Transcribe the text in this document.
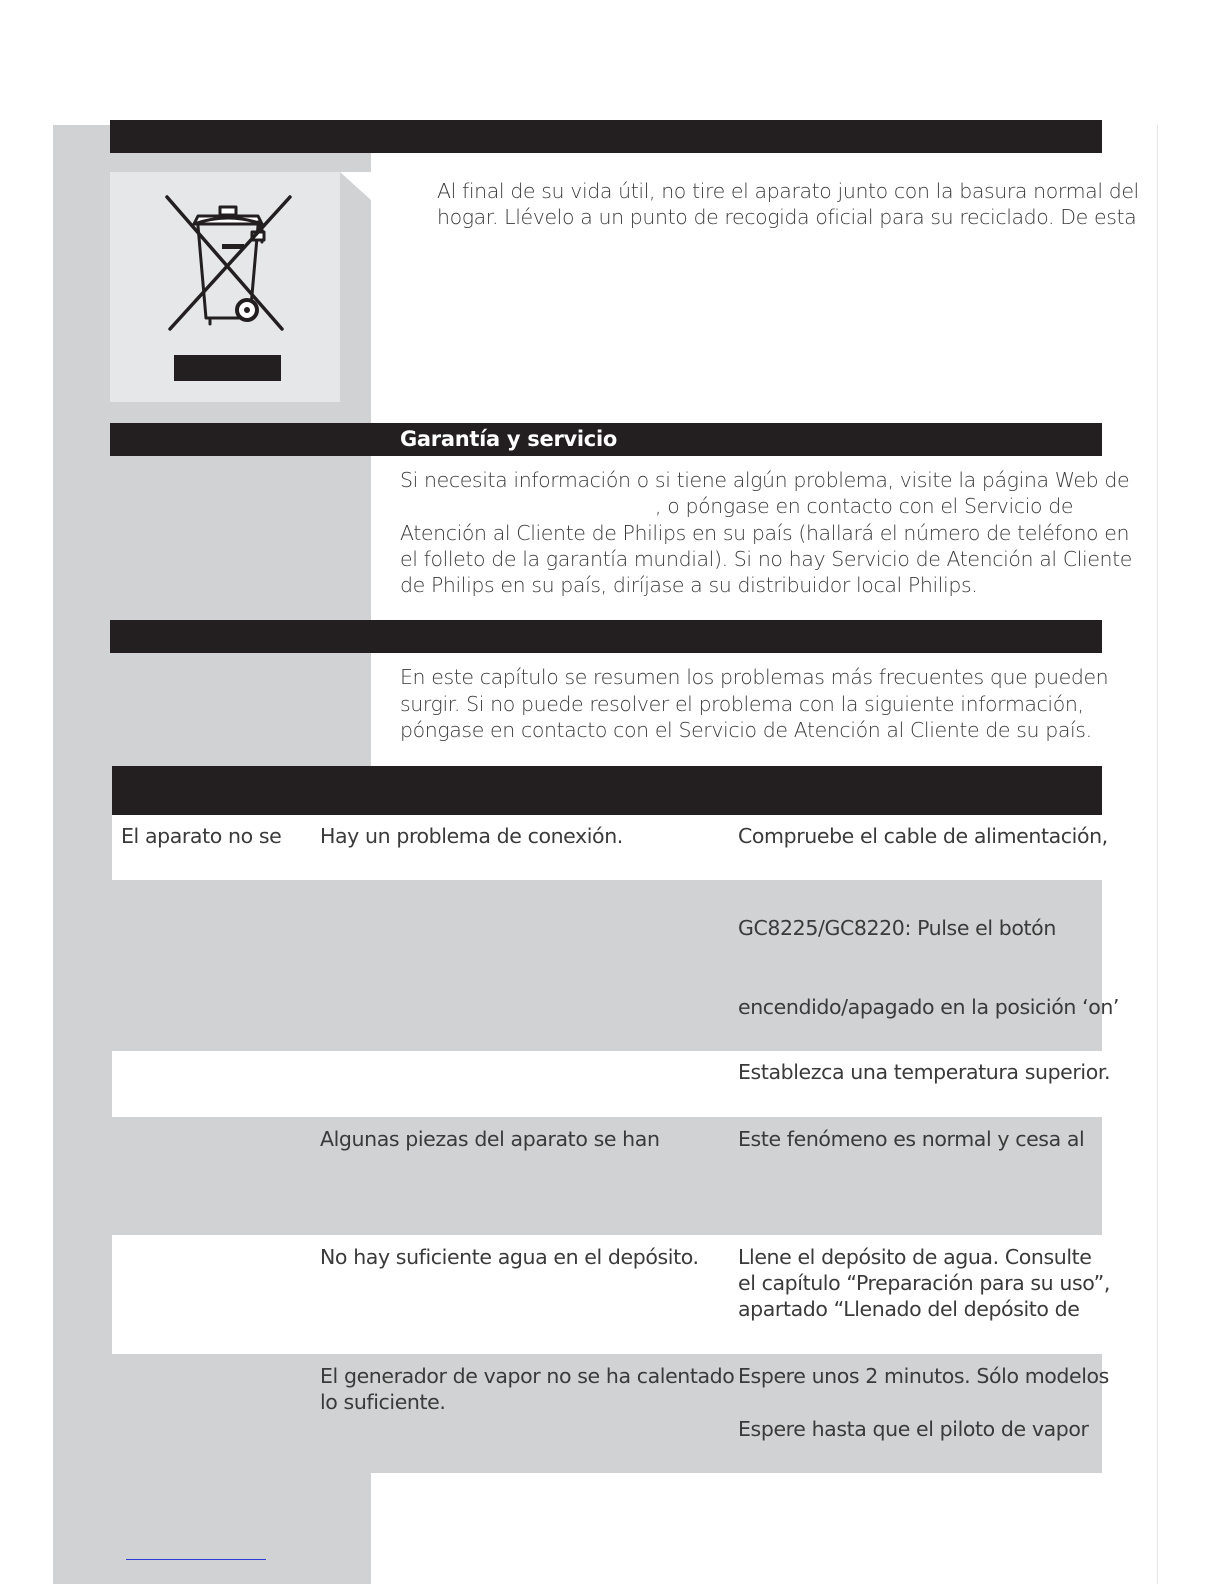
Al final de su vida útil, no tire el aparato junto con la basura normal del
hogar. Llévelo a un punto de recogida oficial para su reciclado. De esta
Garantía y servicio
Si necesita información o si tiene algún problema, visite la página Web de
, o póngase en contacto con el Servicio de
Atención al Cliente de Philips en su país (hallará el número de teléfono en
el folleto de la garantía mundial). Si no hay Servicio de Atención al Cliente
de Philips en su país, diríjase a su distribuidor local Philips.
En este capítulo se resumen los problemas más frecuentes que pueden
surgir. Si no puede resolver el problema con la siguiente información,
póngase en contacto con el Servicio de Atención al Cliente de su país.
El aparato no se Hay un problema de conexión.	Compruebe el cable de alimentación,
GC8225/GC8220: Pulse el botón
encendido/apagado en la posición ‘on’
Establezca una temperatura superior.
Algunas piezas del aparato se han	Este fenómeno es normal y cesa al
No hay suficiente agua en el depósito. Llene el depósito de agua. Consulte
el capítulo “Preparación para su uso”,
apartado “Llenado del depósito de
El generador de vapor no se ha calentado
lo suficiente.
Espere unos 2 minutos. Sólo modelos
Espere hasta que el piloto de vapor
